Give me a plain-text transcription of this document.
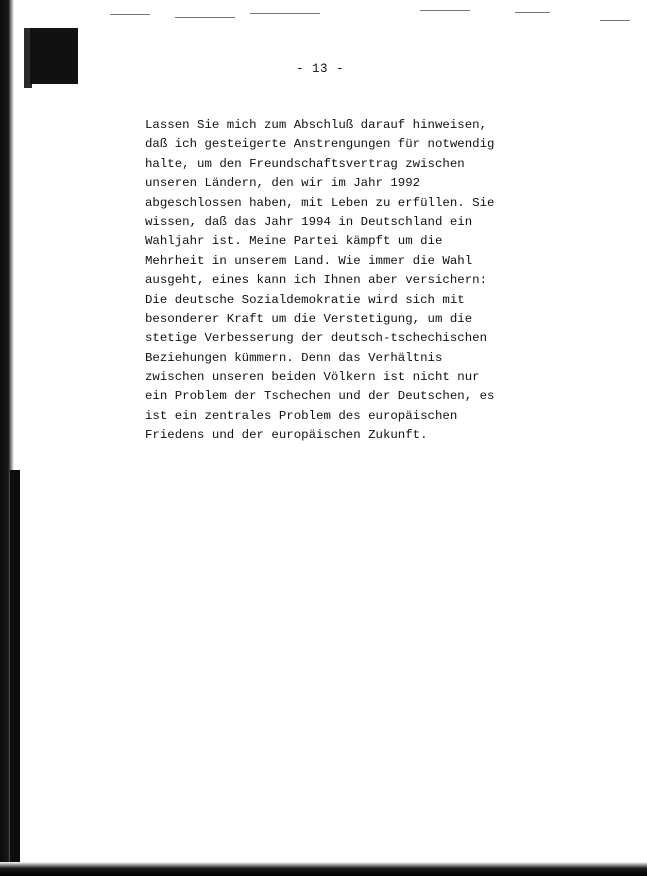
- 13 -
Lassen Sie mich zum Abschluß darauf hinweisen,
daß ich gesteigerte Anstrengungen für notwendig
halte, um den Freundschaftsvertrag zwischen
unseren Ländern, den wir im Jahr 1992
abgeschlossen haben, mit Leben zu erfüllen. Sie
wissen, daß das Jahr 1994 in Deutschland ein
Wahljahr ist. Meine Partei kämpft um die
Mehrheit in unserem Land. Wie immer die Wahl
ausgeht, eines kann ich Ihnen aber versichern:
Die deutsche Sozialdemokratie wird sich mit
besonderer Kraft um die Verstetigung, um die
stetige Verbesserung der deutsch-tschechischen
Beziehungen kümmern. Denn das Verhältnis
zwischen unseren beiden Völkern ist nicht nur
ein Problem der Tschechen und der Deutschen, es
ist ein zentrales Problem des europäischen
Friedens und der europäischen Zukunft.
